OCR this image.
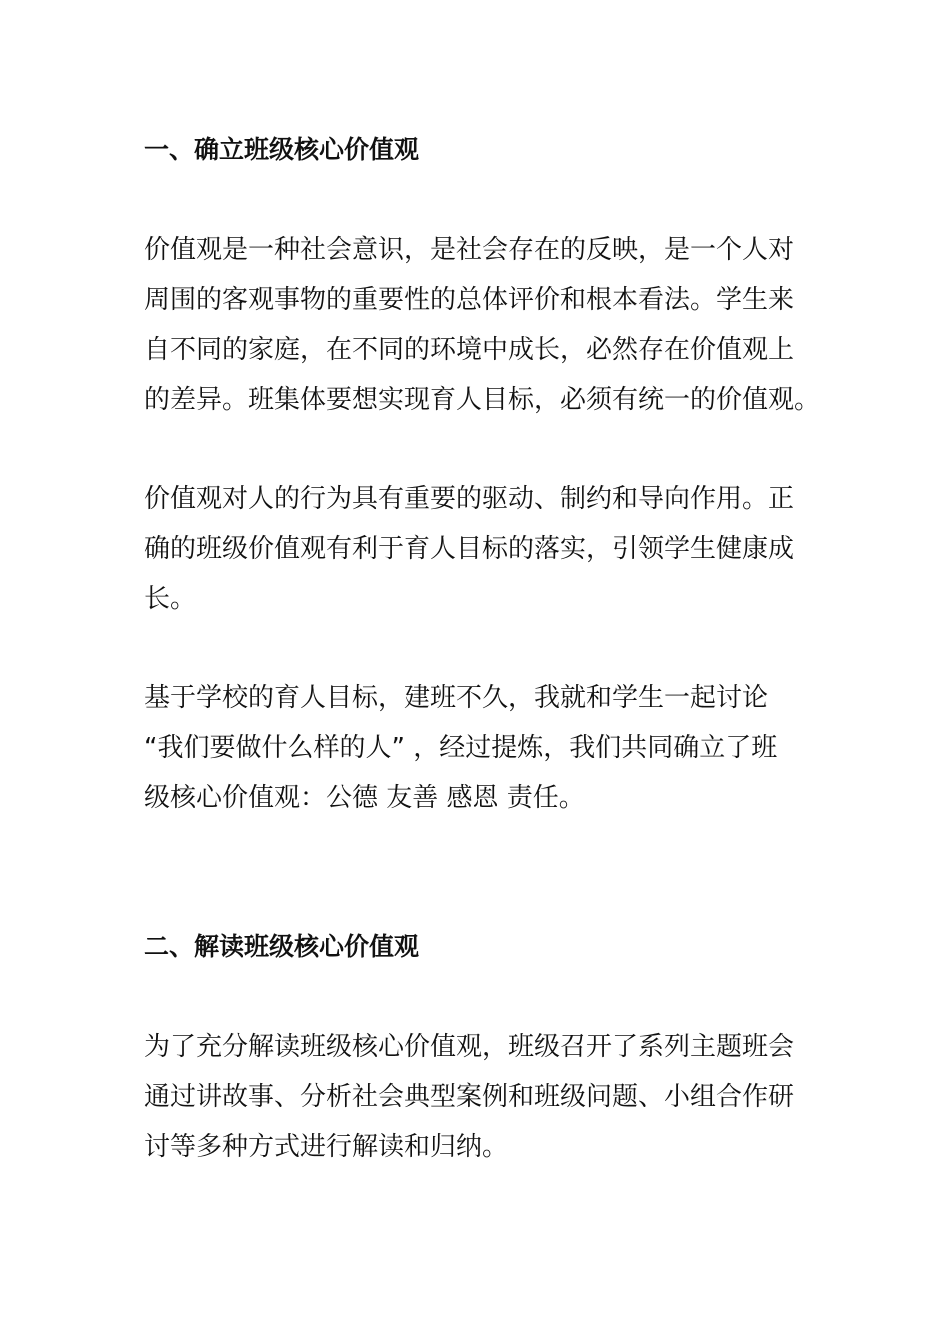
一、确立班级核心价值观

价值观是一种社会意识，是社会存在的反映，是一个人对
周围的客观事物的重要性的总体评价和根本看法。学生来
自不同的家庭，在不同的环境中成长，必然存在价值观上
的差异。班集体要想实现育人目标，必须有统一的价值观。

价值观对人的行为具有重要的驱动、制约和导向作用。正
确的班级价值观有利于育人目标的落实，引领学生健康成
长。

基于学校的育人目标，建班不久，我就和学生一起讨论
“我们要做什么样的人” ，经过提炼，我们共同确立了班
级核心价值观：公德 友善 感恩 责任。

二、解读班级核心价值观

为了充分解读班级核心价值观，班级召开了系列主题班会
通过讲故事、分析社会典型案例和班级问题、小组合作研
讨等多种方式进行解读和归纳。
